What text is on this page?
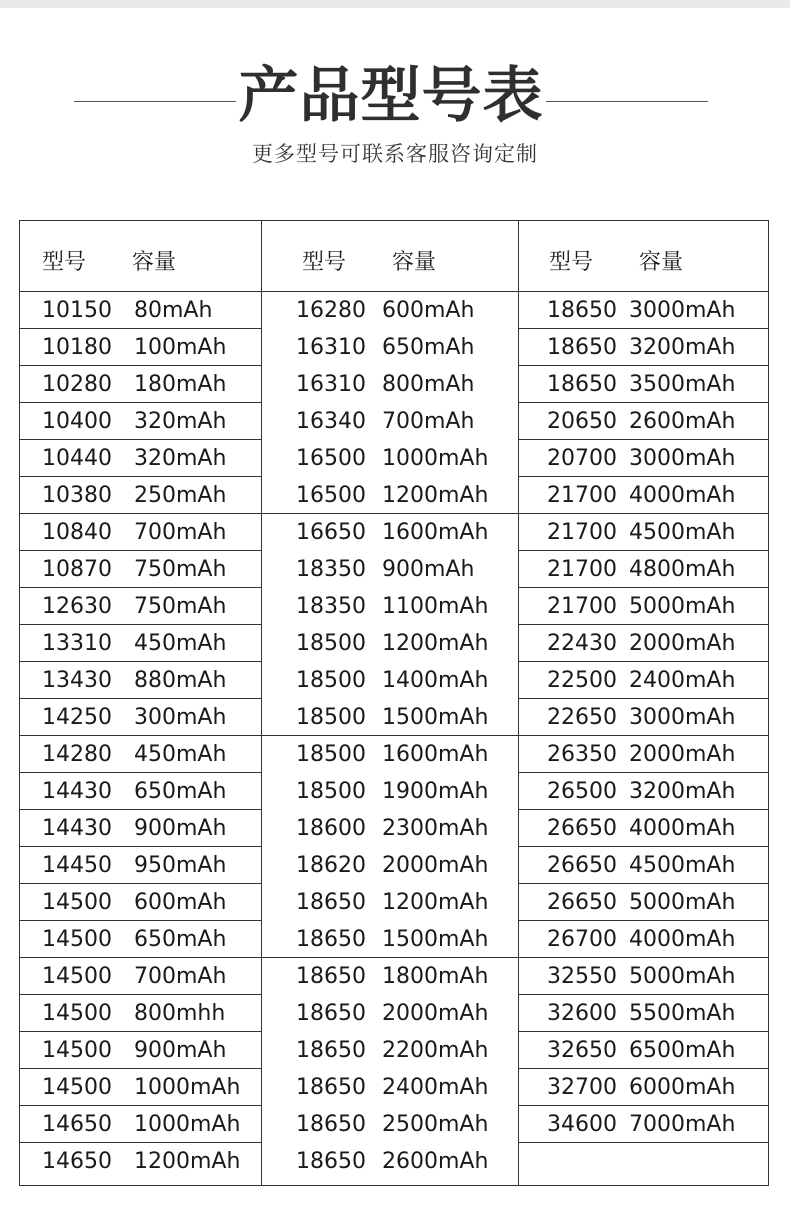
产品型号表
更多型号可联系客服咨询定制
型号 容量
10150 80mAh
10180 100mAh
10280 180mAh
10400 320mAh
10440 320mAh
10380 250mAh
10840 700mAh
10870 750mAh
12630 750mAh
13310 450mAh
13430 880mAh
14250 300mAh
14280 450mAh
14430 650mAh
14430 900mAh
14450 950mAh
14500 600mAh
14500 650mAh
14500 700mAh
14500 800mhh
14500 900mAh
14500 1000mAh
14650 1000mAh
14650 1200mAh
型号 容量
16280 600mAh
16310 650mAh
16310 800mAh
16340 700mAh
16500 1000mAh
16500 1200mAh
16650 1600mAh
18350 900mAh
18350 1100mAh
18500 1200mAh
18500 1400mAh
18500 1500mAh
18500 1600mAh
18500 1900mAh
18600 2300mAh
18620 2000mAh
18650 1200mAh
18650 1500mAh
18650 1800mAh
18650 2000mAh
18650 2200mAh
18650 2400mAh
18650 2500mAh
18650 2600mAh
型号 容量
18650 3000mAh
18650 3200mAh
18650 3500mAh
20650 2600mAh
20700 3000mAh
21700 4000mAh
21700 4500mAh
21700 4800mAh
21700 5000mAh
22430 2000mAh
22500 2400mAh
22650 3000mAh
26350 2000mAh
26500 3200mAh
26650 4000mAh
26650 4500mAh
26650 5000mAh
26700 4000mAh
32550 5000mAh
32600 5500mAh
32650 6500mAh
32700 6000mAh
34600 7000mAh
